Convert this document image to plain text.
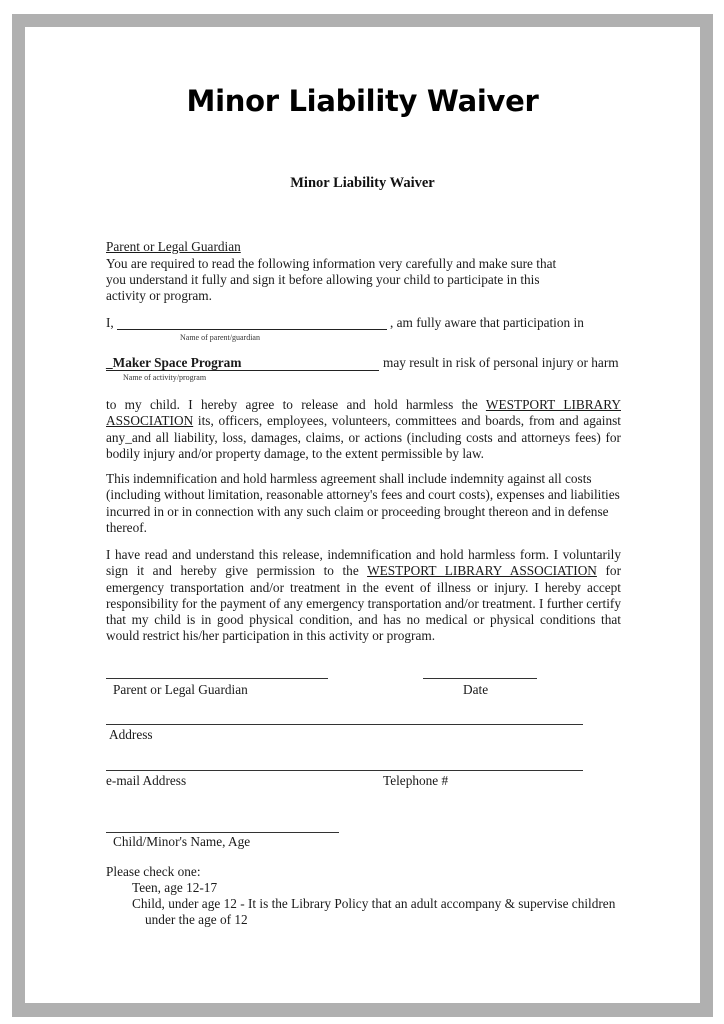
Minor Liability Waiver
Minor Liability Waiver
Parent or Legal Guardian
You are required to read the following information very carefully and make sure that
you understand it fully and sign it before allowing your child to participate in this
activity or program.
I,	, am fully aware that participation in
Name of parent/guardian
_Maker Space Program	may result in risk of personal injury or harm
Name of activity/program
to my child. I hereby agree to release and hold harmless the WESTPORT LIBRARY ASSOCIATION its, officers, employees, volunteers, committees and boards, from and against any_and all liability, loss, damages, claims, or actions (including costs and attorneys fees) for bodily injury and/or property damage, to the extent permissible by law.
This indemnification and hold harmless agreement shall include indemnity against all costs (including without limitation, reasonable attorney's fees and court costs), expenses and liabilities incurred in or in connection with any such claim or proceeding brought thereon and in defense thereof.
I have read and understand this release, indemnification and hold harmless form. I voluntarily sign it and hereby give permission to the WESTPORT LIBRARY ASSOCIATION for emergency transportation and/or treatment in the event of illness or injury. I hereby accept responsibility for the payment of any emergency transportation and/or treatment. I further certify that my child is in good physical condition, and has no medical or physical conditions that would restrict his/her participation in this activity or program.
Parent or Legal Guardian	Date
Address
e-mail Address	Telephone #
Child/Minor's Name, Age
Please check one:
Teen, age 12-17
Child, under age 12 - It is the Library Policy that an adult accompany & supervise children
under the age of 12
